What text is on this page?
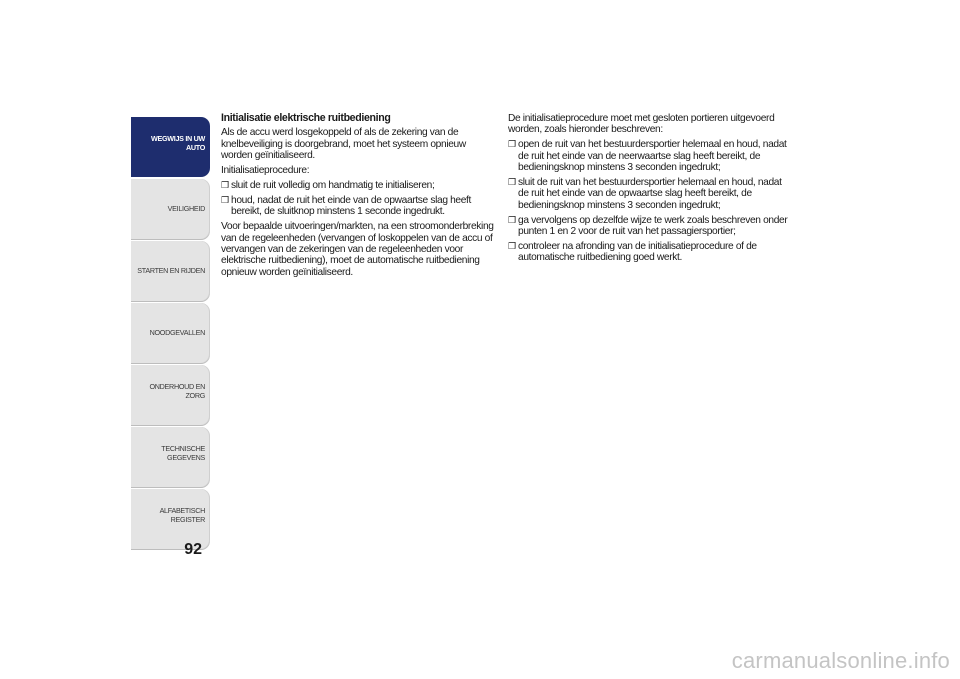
WEGWIJS IN UW AUTO
VEILIGHEID
STARTEN EN RIJDEN
NOODGEVALLEN
ONDERHOUD EN ZORG
TECHNISCHE GEGEVENS
ALFABETISCH REGISTER
92

Initialisatie elektrische ruitbediening

Als de accu werd losgekoppeld of als de zekering van de knelbeveiliging is doorgebrand, moet het systeem opnieuw worden geïnitialiseerd.

Initialisatieprocedure:

❒ sluit de ruit volledig om handmatig te initialiseren;

❒ houd, nadat de ruit het einde van de opwaartse slag heeft bereikt, de sluitknop minstens 1 seconde ingedrukt.

Voor bepaalde uitvoeringen/markten, na een stroomonderbreking van de regeleenheden (vervangen of loskoppelen van de accu of vervangen van de zekeringen van de regeleenheden voor elektrische ruitbediening), moet de automatische ruitbediening opnieuw worden geïnitialiseerd.

De initialisatieprocedure moet met gesloten portieren uitgevoerd worden, zoals hieronder beschreven:

❒ open de ruit van het bestuurdersportier helemaal en houd, nadat de ruit het einde van de neerwaartse slag heeft bereikt, de bedieningsknop minstens 3 seconden ingedrukt;

❒ sluit de ruit van het bestuurdersportier helemaal en houd, nadat de ruit het einde van de opwaartse slag heeft bereikt, de bedieningsknop minstens 3 seconden ingedrukt;

❒ ga vervolgens op dezelfde wijze te werk zoals beschreven onder punten 1 en 2 voor de ruit van het passagiersportier;

❒ controleer na afronding van de initialisatieprocedure of de automatische ruitbediening goed werkt.

carmanualsonline.info
